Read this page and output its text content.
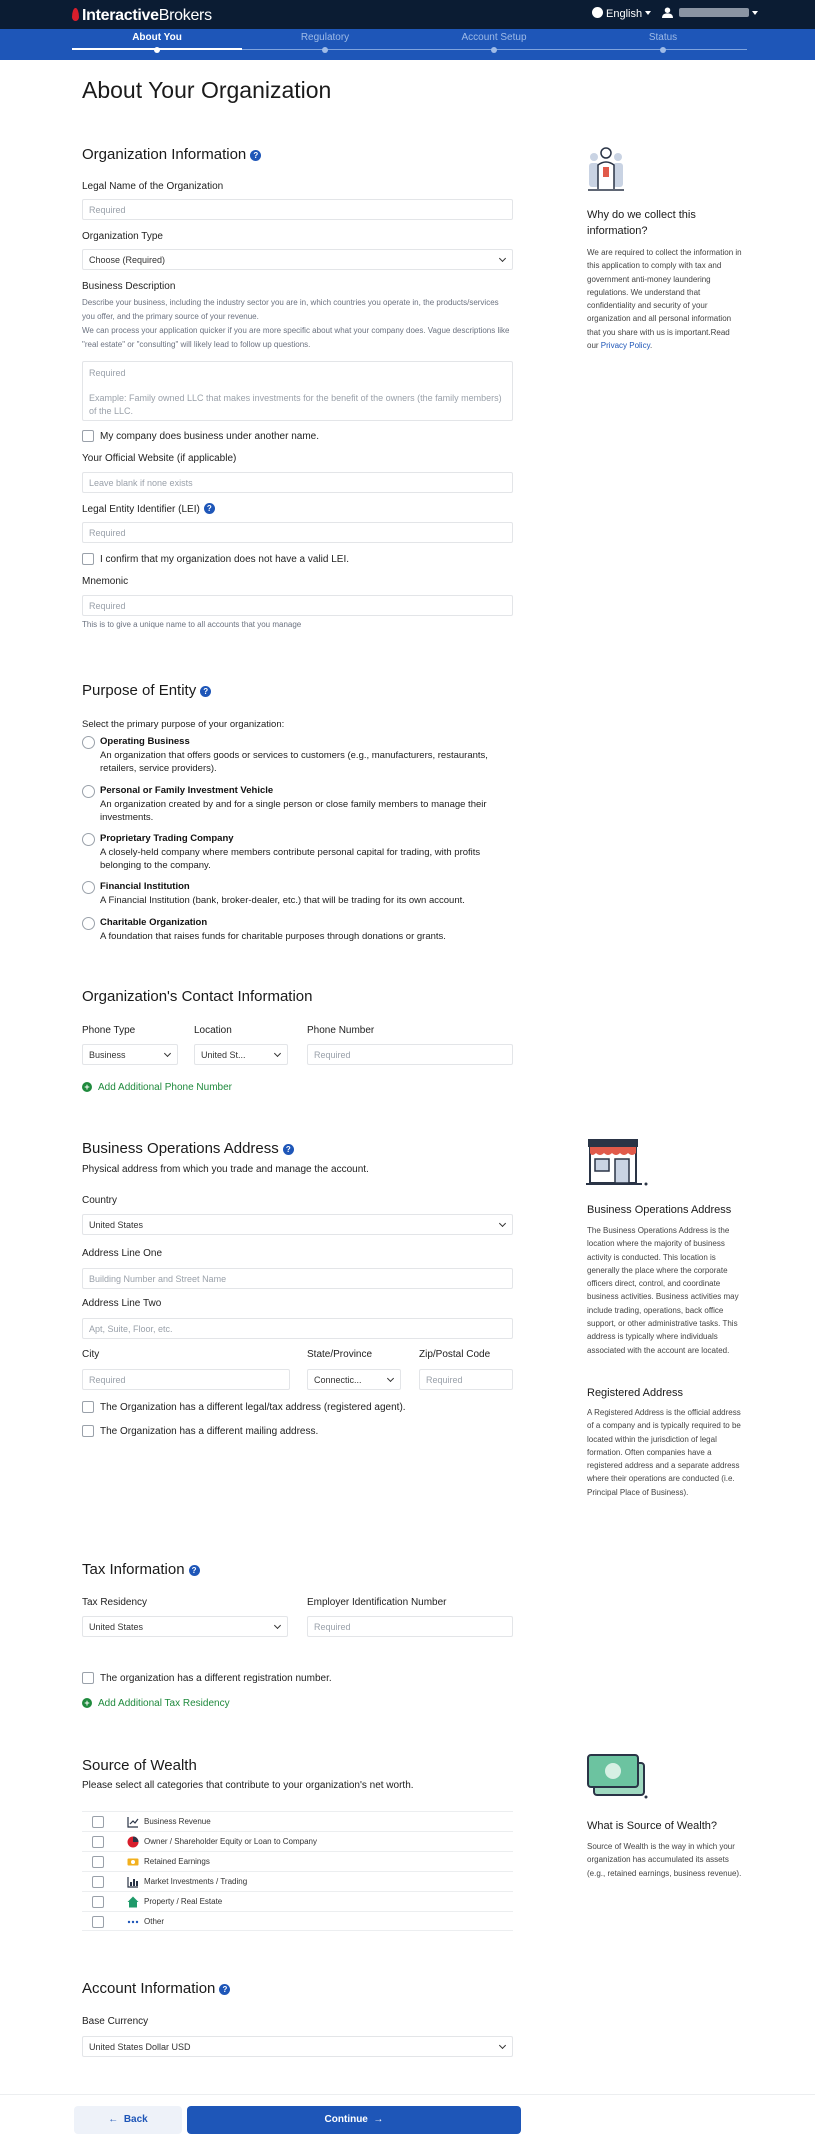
InteractiveBrokers	English
About You	Regulatory	Account Setup	Status
About Your Organization
Organization Information ?
Legal Name of the Organization
Required
Organization Type
Choose (Required)
Business Description
Describe your business, including the industry sector you are in, which countries you operate in, the products/services you offer, and the primary source of your revenue.
We can process your application quicker if you are more specific about what your company does. Vague descriptions like "real estate" or "consulting" will likely lead to follow up questions.
Required
Example: Family owned LLC that makes investments for the benefit of the owners (the family members) of the LLC.
My company does business under another name.
Your Official Website (if applicable)
Leave blank if none exists
Legal Entity Identifier (LEI) ?
Required
I confirm that my organization does not have a valid LEI.
Mnemonic
Required
This is to give a unique name to all accounts that you manage
Why do we collect this information?
We are required to collect the information in this application to comply with tax and government anti-money laundering regulations. We understand that confidentiality and security of your organization and all personal information that you share with us is important.Read our Privacy Policy.
Purpose of Entity ?
Select the primary purpose of your organization:
Operating Business
An organization that offers goods or services to customers (e.g., manufacturers, restaurants, retailers, service providers).
Personal or Family Investment Vehicle
An organization created by and for a single person or close family members to manage their investments.
Proprietary Trading Company
A closely-held company where members contribute personal capital for trading, with profits belonging to the company.
Financial Institution
A Financial Institution (bank, broker-dealer, etc.) that will be trading for its own account.
Charitable Organization
A foundation that raises funds for charitable purposes through donations or grants.
Organization's Contact Information
Phone Type	Location	Phone Number
Business	United St...	Required
+ Add Additional Phone Number
Business Operations Address ?
Physical address from which you trade and manage the account.
Country
United States
Address Line One
Building Number and Street Name
Address Line Two
Apt, Suite, Floor, etc.
City	State/Province	Zip/Postal Code
Required	Connectic...	Required
The Organization has a different legal/tax address (registered agent).
The Organization has a different mailing address.
Business Operations Address
The Business Operations Address is the location where the majority of business activity is conducted. This location is generally the place where the corporate officers direct, control, and coordinate business activities. Business activities may include trading, operations, back office support, or other administrative tasks. This address is typically where individuals associated with the account are located.
Registered Address
A Registered Address is the official address of a company and is typically required to be located within the jurisdiction of legal formation. Often companies have a registered address and a separate address where their operations are conducted (i.e. Principal Place of Business).
Tax Information ?
Tax Residency	Employer Identification Number
United States	Required
The organization has a different registration number.
+ Add Additional Tax Residency
Source of Wealth
Please select all categories that contribute to your organization's net worth.
Business Revenue
Owner / Shareholder Equity or Loan to Company
Retained Earnings
Market Investments / Trading
Property / Real Estate
Other
What is Source of Wealth?
Source of Wealth is the way in which your organization has accumulated its assets (e.g., retained earnings, business revenue).
Account Information ?
Base Currency
United States Dollar USD
←  Back	Continue  →
